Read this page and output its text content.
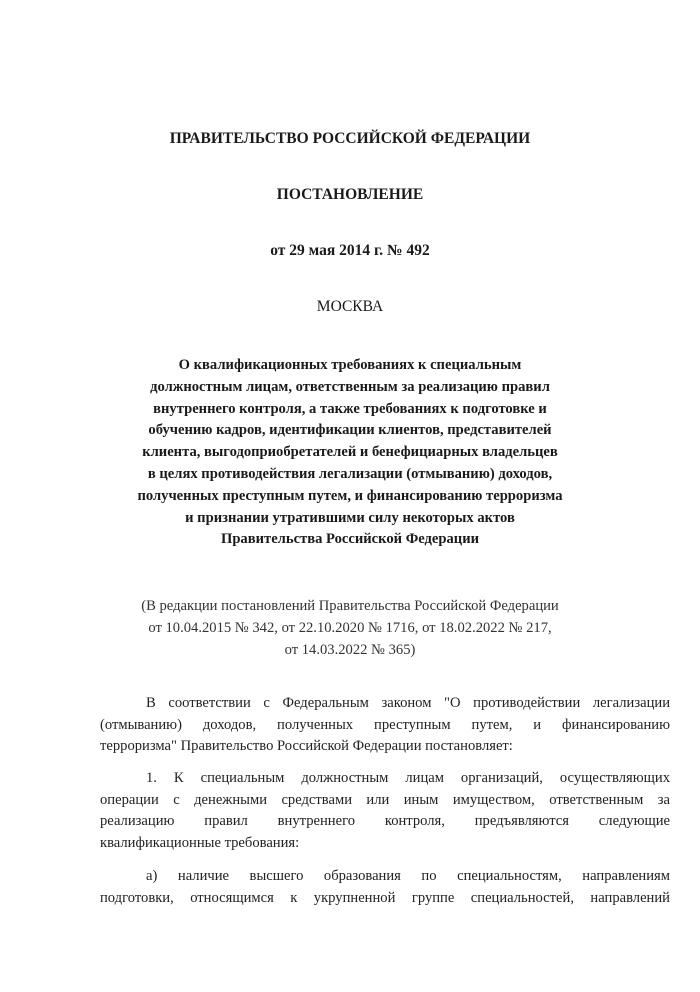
ПРАВИТЕЛЬСТВО РОССИЙСКОЙ ФЕДЕРАЦИИ
ПОСТАНОВЛЕНИЕ
от 29 мая 2014 г. № 492
МОСКВА
О квалификационных требованиях к специальным
должностным лицам, ответственным за реализацию правил
внутреннего контроля, а также требованиях к подготовке и
обучению кадров, идентификации клиентов, представителей
клиента, выгодоприобретателей и бенефициарных владельцев
в целях противодействия легализации (отмыванию) доходов,
полученных преступным путем, и финансированию терроризма
и признании утратившими силу некоторых актов
Правительства Российской Федерации
(В редакции постановлений Правительства Российской Федерации
от 10.04.2015 № 342, от 22.10.2020 № 1716, от 18.02.2022 № 217,
от 14.03.2022 № 365)
В соответствии с Федеральным законом "О противодействии легализации
(отмыванию) доходов, полученных преступным путем, и финансированию
терроризма" Правительство Российской Федерации постановляет:
1. К специальным должностным лицам организаций, осуществляющих
операции с денежными средствами или иным имуществом, ответственным за
реализацию правил внутреннего контроля, предъявляются следующие
квалификационные требования:
а) наличие высшего образования по специальностям, направлениям
подготовки, относящимся к укрупненной группе специальностей, направлений
